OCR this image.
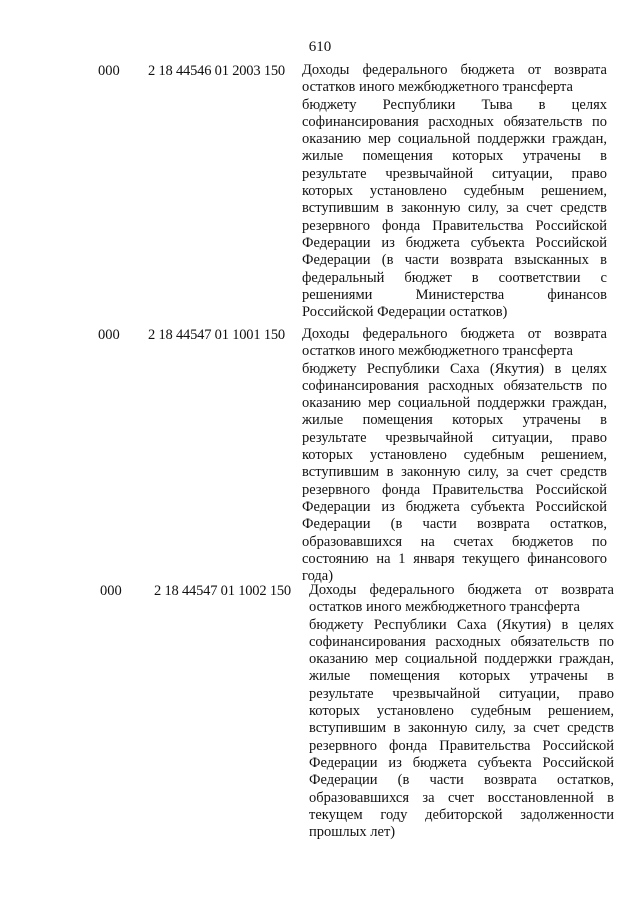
610
000	2 18 44546 01 2003 150	Доходы федерального бюджета от возврата
остатков иного межбюджетного трансферта
бюджету Республики Тыва в целях
софинансирования расходных обязательств по
оказанию мер социальной поддержки граждан,
жилые помещения которых утрачены в
результате чрезвычайной ситуации, право
которых установлено судебным решением,
вступившим в законную силу, за счет средств
резервного фонда Правительства Российской
Федерации из бюджета субъекта Российской
Федерации (в части возврата взысканных в
федеральный бюджет в соответствии с
решениями Министерства финансов
Российской Федерации остатков)
000	2 18 44547 01 1001 150	Доходы федерального бюджета от возврата
остатков иного межбюджетного трансферта
бюджету Республики Саха (Якутия) в целях
софинансирования расходных обязательств по
оказанию мер социальной поддержки граждан,
жилые помещения которых утрачены в
результате чрезвычайной ситуации, право
которых установлено судебным решением,
вступившим в законную силу, за счет средств
резервного фонда Правительства Российской
Федерации из бюджета субъекта Российской
Федерации (в части возврата остатков,
образовавшихся на счетах бюджетов по
состоянию на 1 января текущего финансового
года)
000	2 18 44547 01 1002 150	Доходы федерального бюджета от возврата
остатков иного межбюджетного трансферта
бюджету Республики Саха (Якутия) в целях
софинансирования расходных обязательств по
оказанию мер социальной поддержки граждан,
жилые помещения которых утрачены в
результате чрезвычайной ситуации, право
которых установлено судебным решением,
вступившим в законную силу, за счет средств
резервного фонда Правительства Российской
Федерации из бюджета субъекта Российской
Федерации (в части возврата остатков,
образовавшихся за счет восстановленной в
текущем году дебиторской задолженности
прошлых лет)
